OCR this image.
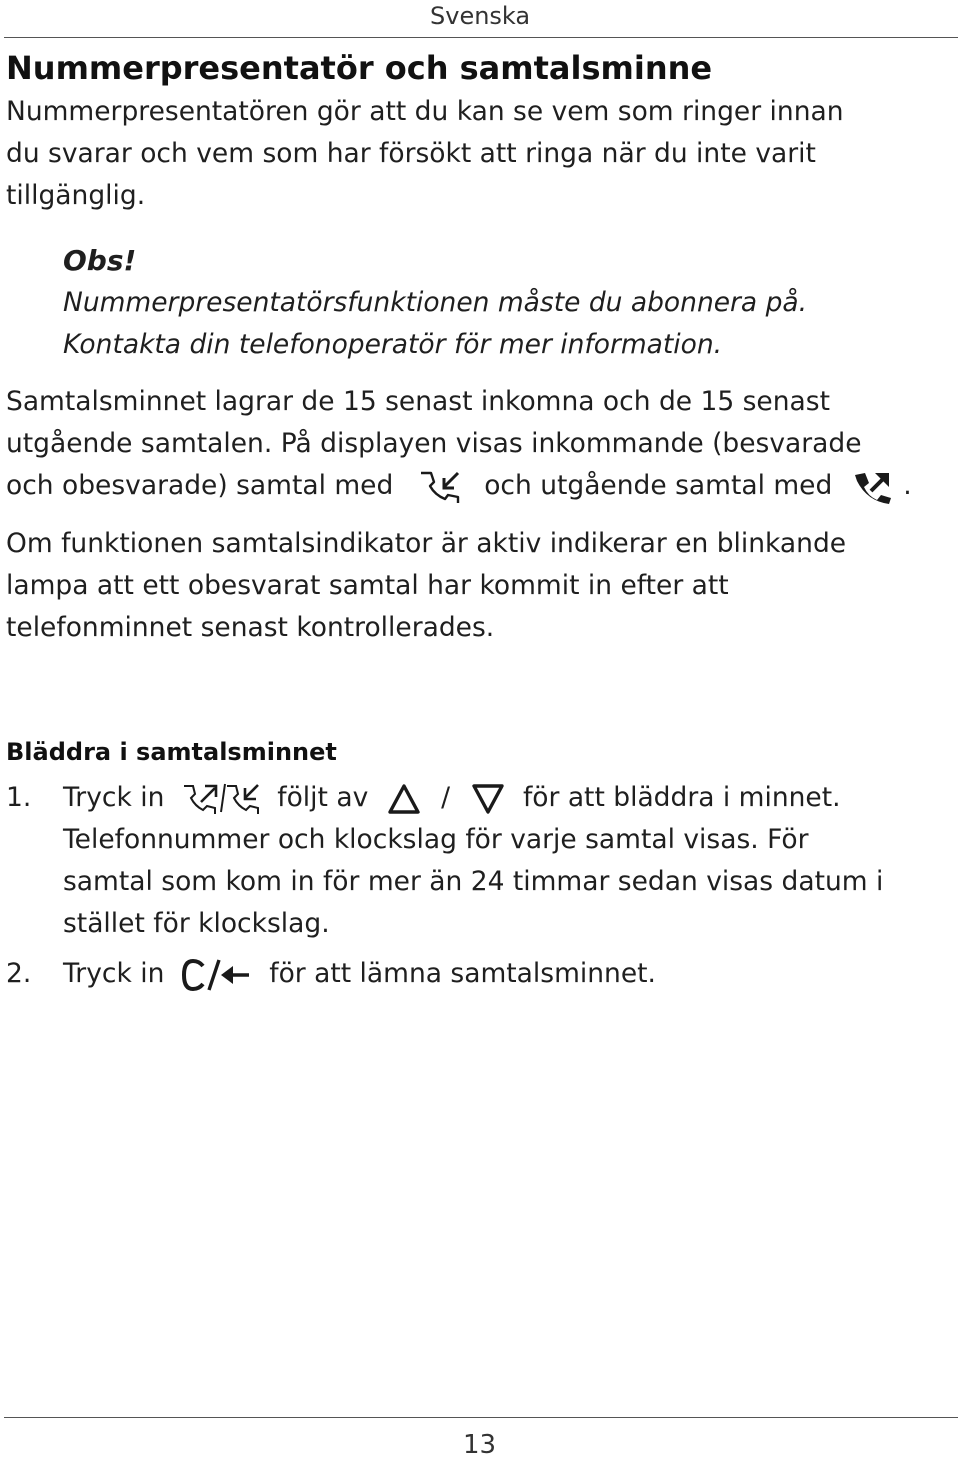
Svenska
Nummerpresentatör och samtalsminne
Nummerpresentatören gör att du kan se vem som ringer innan
du svarar och vem som har försökt att ringa när du inte varit
tillgänglig.
Obs!
Nummerpresentatörsfunktionen måste du abonnera på.
Kontakta din telefonoperatör för mer information.
Samtalsminnet lagrar de 15 senast inkomna och de 15 senast
utgående samtalen. På displayen visas inkommande (besvarade
och obesvarade) samtal med	och utgående samtal med	.
Om funktionen samtalsindikator är aktiv indikerar en blinkande
lampa att ett obesvarat samtal har kommit in efter att
telefonminnet senast kontrollerades.
Bläddra i samtalsminnet
1. Tryck in	följt av	/	för att bläddra i minnet.
Telefonnummer och klockslag för varje samtal visas. För
samtal som kom in för mer än 24 timmar sedan visas datum i
stället för klockslag.
2. Tryck in	för att lämna samtalsminnet.
13
